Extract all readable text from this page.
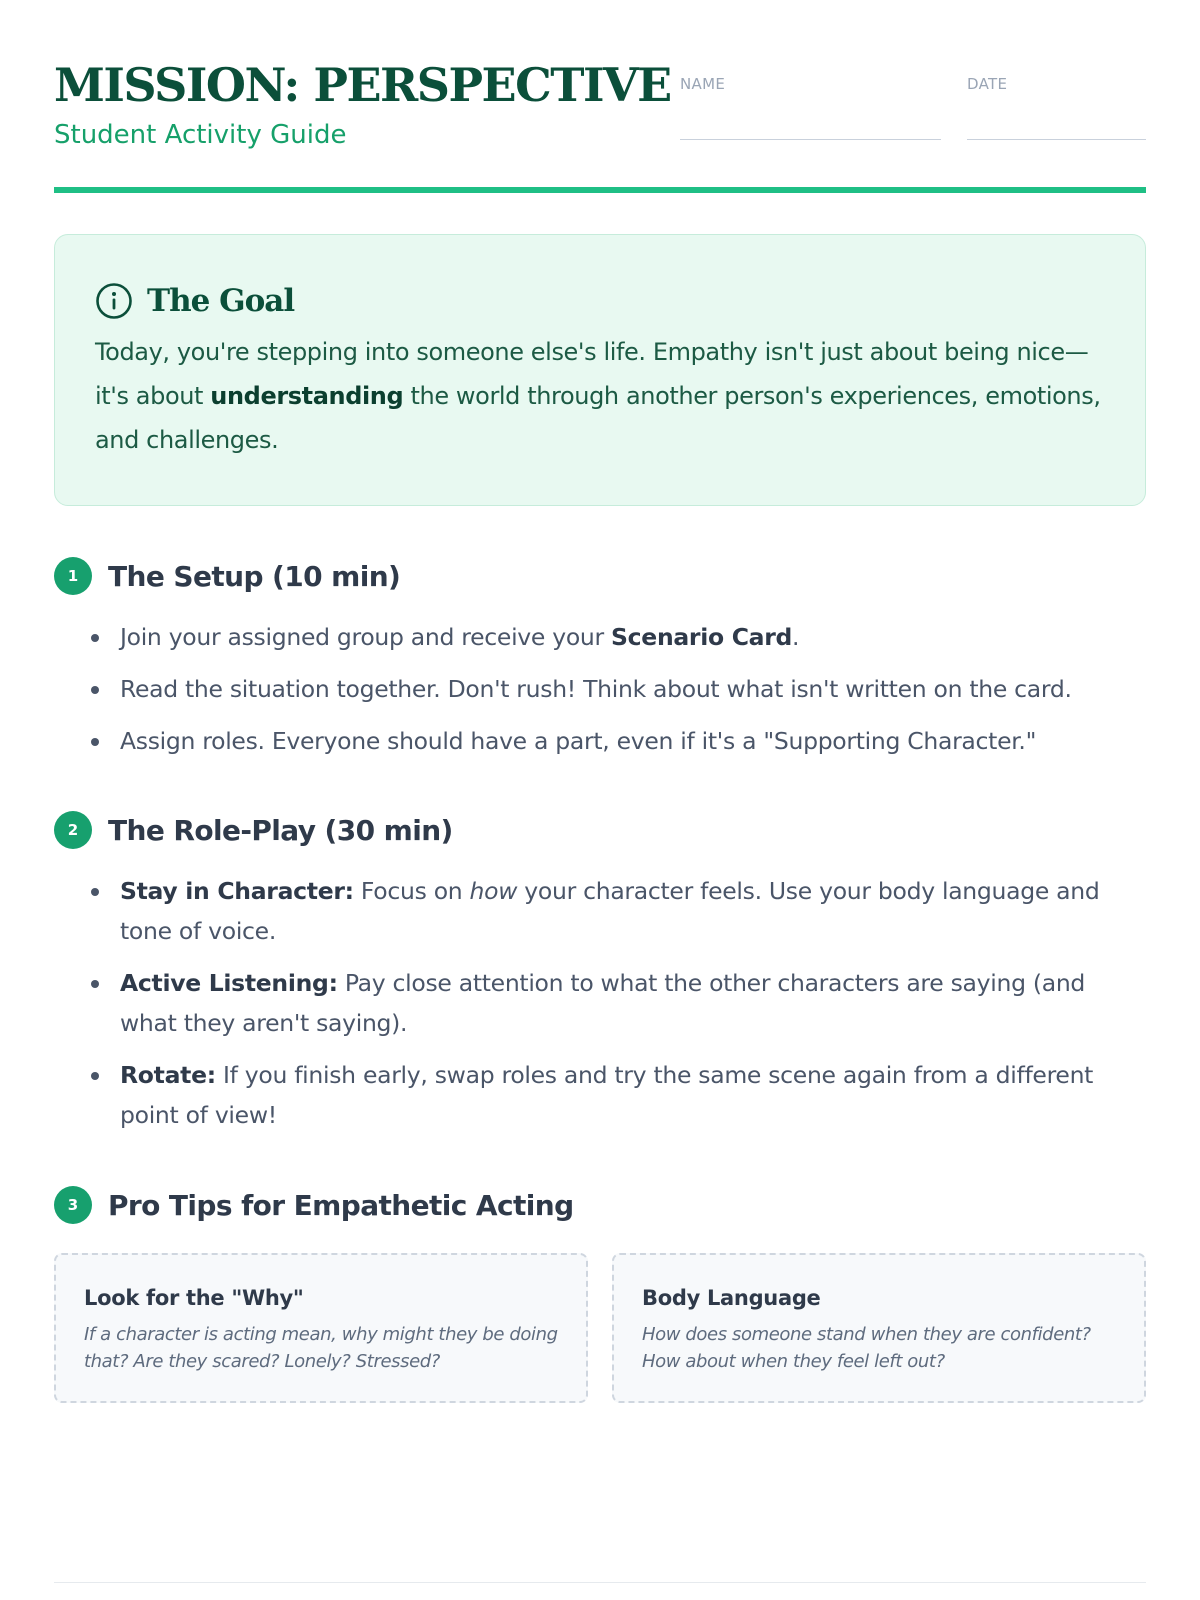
MISSION: PERSPECTIVE
Student Activity Guide
NAME	DATE
The Goal
Today, you're stepping into someone else's life. Empathy isn't just about being nice—it's about understanding the world through another person's experiences, emotions, and challenges.
1	The Setup (10 min)
Join your assigned group and receive your Scenario Card.
Read the situation together. Don't rush! Think about what isn't written on the card.
Assign roles. Everyone should have a part, even if it's a "Supporting Character."
2	The Role-Play (30 min)
Stay in Character: Focus on how your character feels. Use your body language and tone of voice.
Active Listening: Pay close attention to what the other characters are saying (and what they aren't saying).
Rotate: If you finish early, swap roles and try the same scene again from a different point of view!
3	Pro Tips for Empathetic Acting
Look for the "Why"
If a character is acting mean, why might they be doing that? Are they scared? Lonely? Stressed?
Body Language
How does someone stand when they are confident? How about when they feel left out?
